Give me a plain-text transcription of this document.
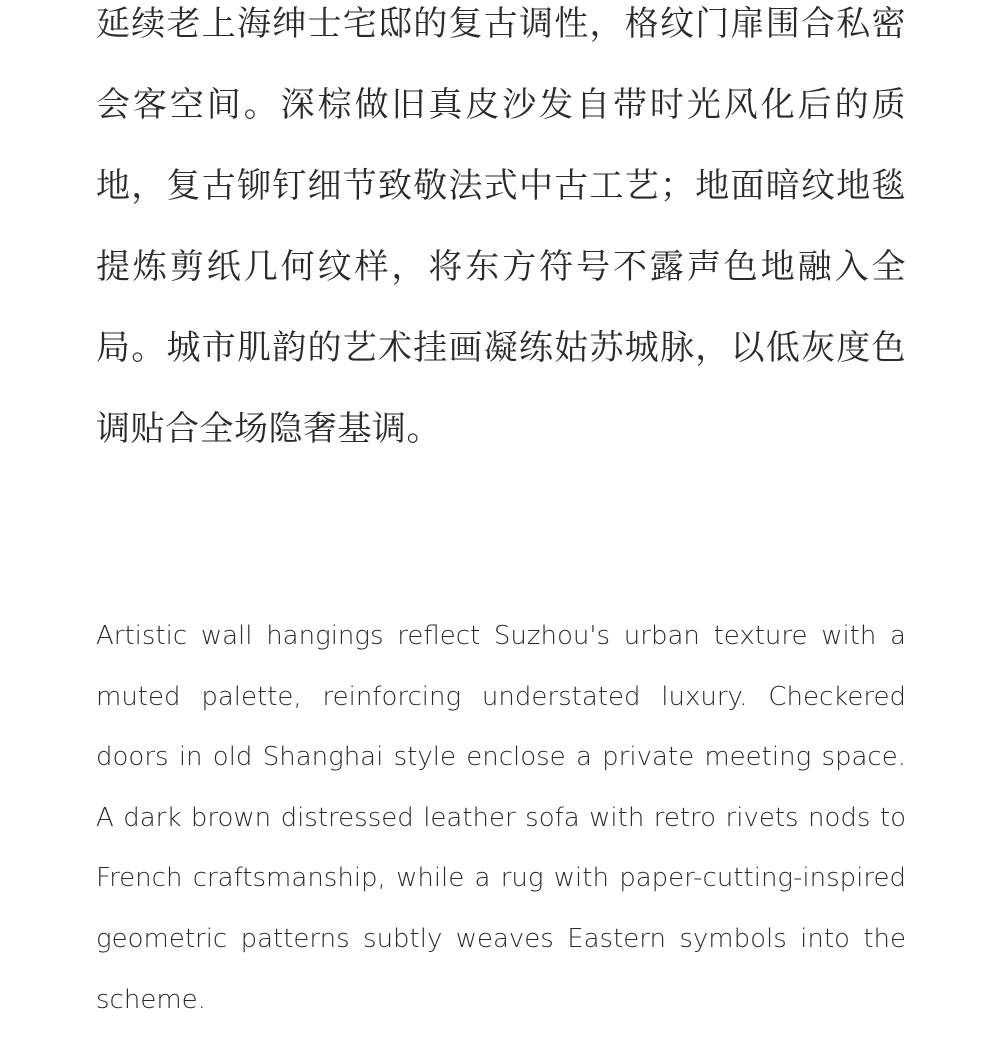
延续老上海绅士宅邸的复古调性，格纹门扉围合私密会客空间。深棕做旧真皮沙发自带时光风化后的质地，复古铆钉细节致敬法式中古工艺；地面暗纹地毯提炼剪纸几何纹样，将东方符号不露声色地融入全局。城市肌韵的艺术挂画凝练姑苏城脉，以低灰度色调贴合全场隐奢基调。

Artistic wall hangings reflect Suzhou's urban texture with a muted palette, reinforcing understated luxury. Checkered doors in old Shanghai style enclose a private meeting space. A dark brown distressed leather sofa with retro rivets nods to French craftsmanship, while a rug with paper-cutting-inspired geometric patterns subtly weaves Eastern symbols into the scheme.
